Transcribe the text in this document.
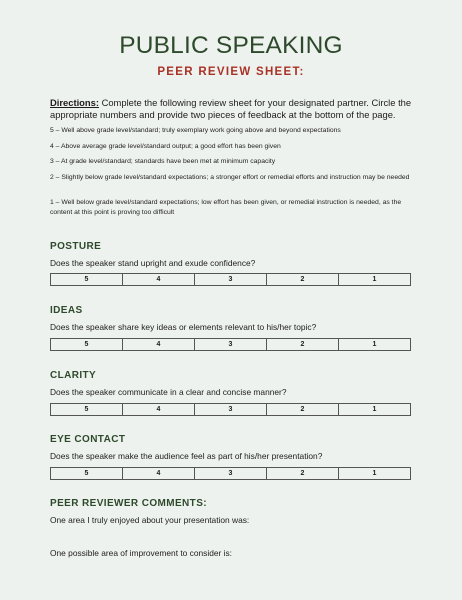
PUBLIC SPEAKING
PEER REVIEW SHEET:
Directions: Complete the following review sheet for your designated partner. Circle the appropriate numbers and provide two pieces of feedback at the bottom of the page.
5 – Well above grade level/standard; truly exemplary work going above and beyond expectations
4 – Above average grade level/standard output; a good effort has been given
3 – At grade level/standard; standards have been met at minimum capacity
2 – Slightly below grade level/standard expectations; a stronger effort or remedial efforts and instruction may be needed
1 – Well below grade level/standard expectations; low effort has been given, or remedial instruction is needed, as the content at this point is proving too difficult
POSTURE
Does the speaker stand upright and exude confidence?
5	4	3	2	1
IDEAS
Does the speaker share key ideas or elements relevant to his/her topic?
5	4	3	2	1
CLARITY
Does the speaker communicate in a clear and concise manner?
5	4	3	2	1
EYE CONTACT
Does the speaker make the audience feel as part of his/her presentation?
5	4	3	2	1
PEER REVIEWER COMMENTS:
One area I truly enjoyed about your presentation was:
One possible area of improvement to consider is:
